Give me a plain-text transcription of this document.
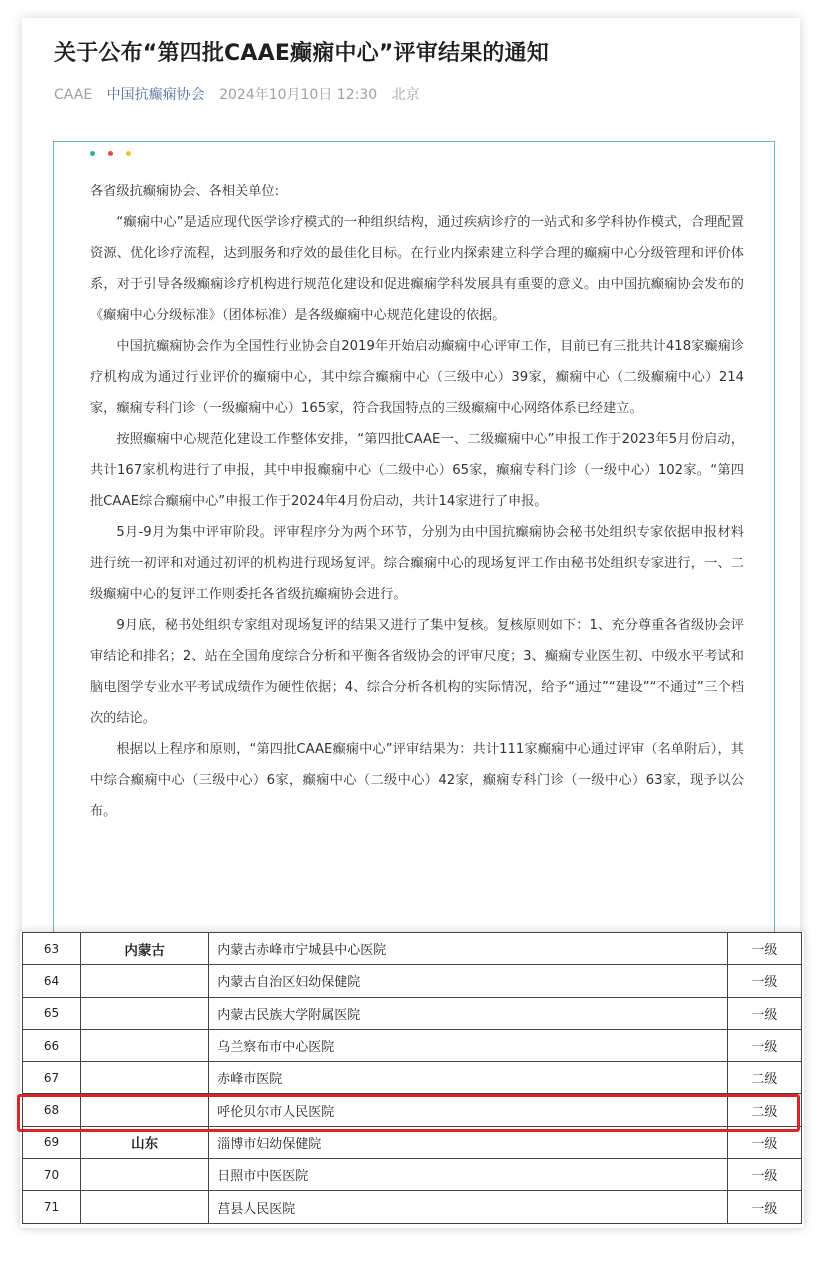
关于公布“第四批CAAE癫痫中心”评审结果的通知
CAAE 中国抗癫痫协会 2024年10月10日 12:30 北京

各省级抗癫痫协会、各相关单位:

“癫痫中心”是适应现代医学诊疗模式的一种组织结构，通过疾病诊疗的一站式和多学科协作模式，合理配置资源、优化诊疗流程，达到服务和疗效的最佳化目标。在行业内探索建立科学合理的癫痫中心分级管理和评价体系，对于引导各级癫痫诊疗机构进行规范化建设和促进癫痫学科发展具有重要的意义。由中国抗癫痫协会发布的《癫痫中心分级标准》（团体标准）是各级癫痫中心规范化建设的依据。

中国抗癫痫协会作为全国性行业协会自2019年开始启动癫痫中心评审工作，目前已有三批共计418家癫痫诊疗机构成为通过行业评价的癫痫中心，其中综合癫痫中心（三级中心）39家，癫痫中心（二级癫痫中心）214家，癫痫专科门诊（一级癫痫中心）165家，符合我国特点的三级癫痫中心网络体系已经建立。

按照癫痫中心规范化建设工作整体安排，“第四批CAAE一、二级癫痫中心”申报工作于2023年5月份启动，共计167家机构进行了申报，其中申报癫痫中心（二级中心）65家，癫痫专科门诊（一级中心）102家。“第四批CAAE综合癫痫中心”申报工作于2024年4月份启动，共计14家进行了申报。

5月-9月为集中评审阶段。评审程序分为两个环节，分别为由中国抗癫痫协会秘书处组织专家依据申报材料进行统一初评和对通过初评的机构进行现场复评。综合癫痫中心的现场复评工作由秘书处组织专家进行，一、二级癫痫中心的复评工作则委托各省级抗癫痫协会进行。

9月底，秘书处组织专家组对现场复评的结果又进行了集中复核。复核原则如下：1、充分尊重各省级协会评审结论和排名；2、站在全国角度综合分析和平衡各省级协会的评审尺度；3、癫痫专业医生初、中级水平考试和脑电图学专业水平考试成绩作为硬性依据；4、综合分析各机构的实际情况，给予“通过”“建设”“不通过”三个档次的结论。

根据以上程序和原则，“第四批CAAE癫痫中心”评审结果为：共计111家癫痫中心通过评审（名单附后），其中综合癫痫中心（三级中心）6家，癫痫中心（二级中心）42家，癫痫专科门诊（一级中心）63家，现予以公布。

63	内蒙古	内蒙古赤峰市宁城县中心医院	一级
64		内蒙古自治区妇幼保健院	一级
65		内蒙古民族大学附属医院	一级
66		乌兰察布市中心医院	一级
67		赤峰市医院	二级
68		呼伦贝尔市人民医院	二级
69	山东	淄博市妇幼保健院	一级
70		日照市中医医院	一级
71		莒县人民医院	一级
